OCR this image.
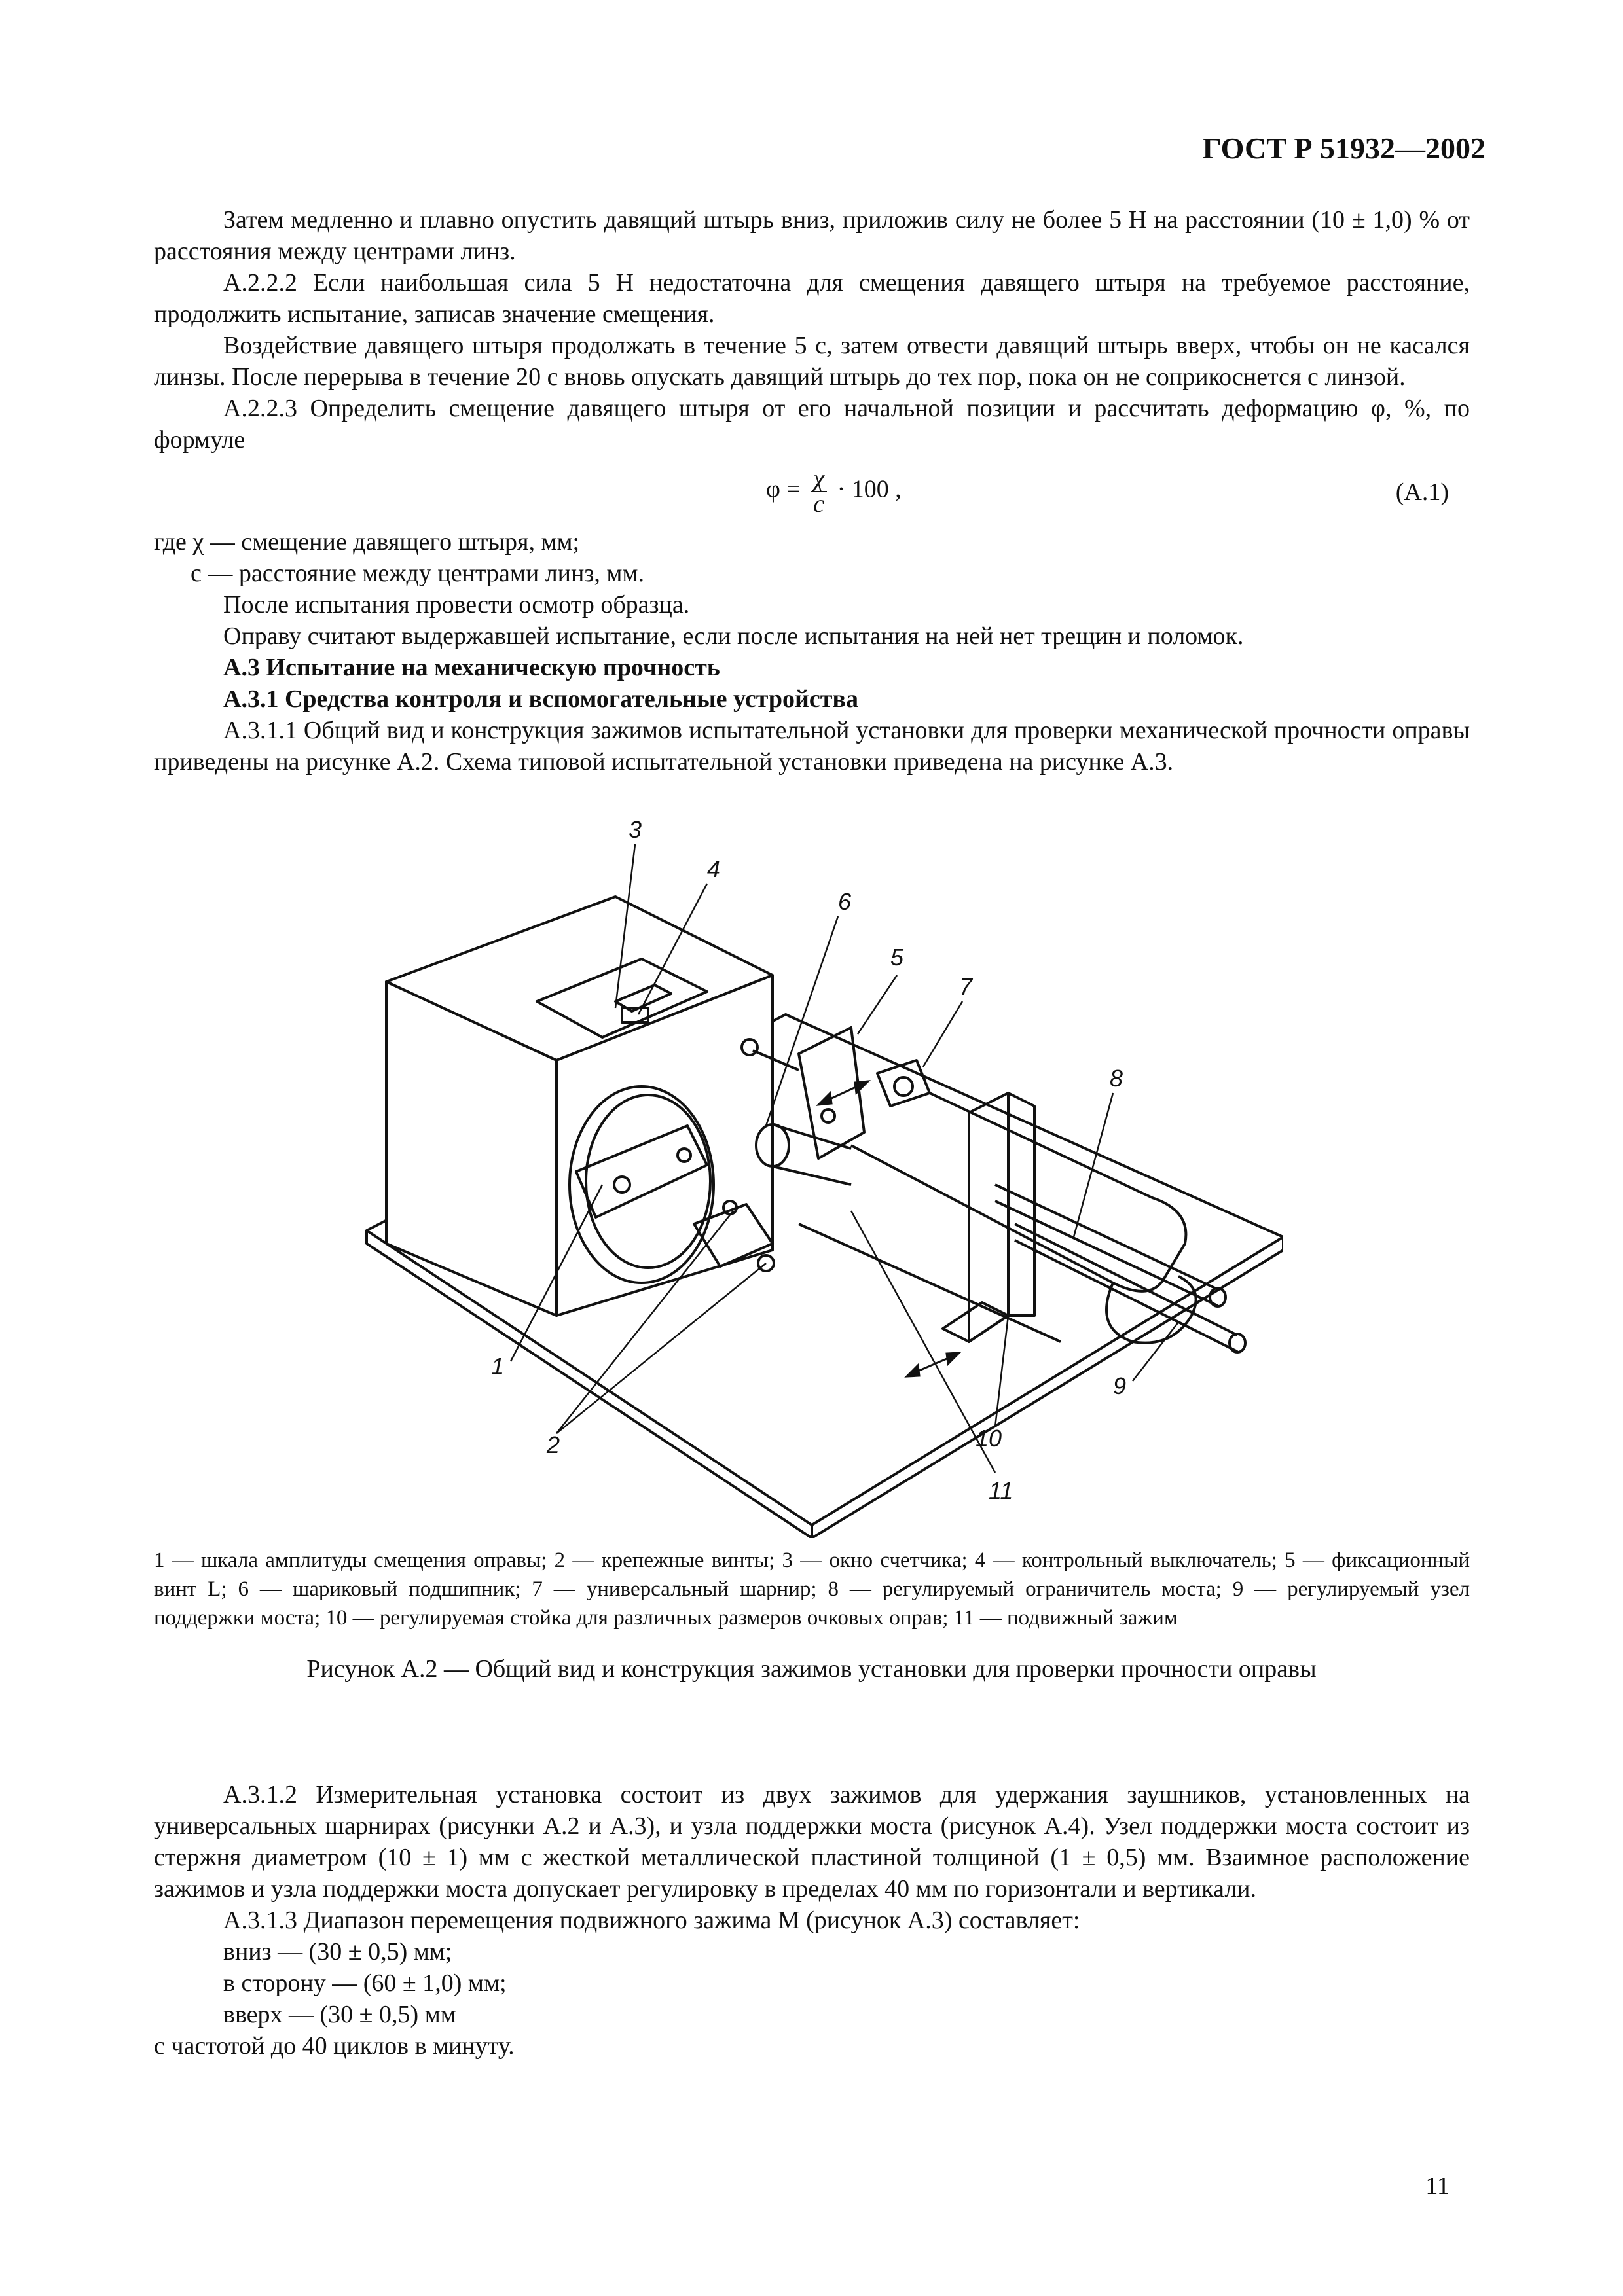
ГОСТ Р 51932—2002

Затем медленно и плавно опустить давящий штырь вниз, приложив силу не более 5 Н на расстоянии (10 ± 1,0) % от расстояния между центрами линз.

А.2.2.2 Если наибольшая сила 5 Н недостаточна для смещения давящего штыря на требуемое расстояние, продолжить испытание, записав значение смещения.

Воздействие давящего штыря продолжать в течение 5 с, затем отвести давящий штырь вверх, чтобы он не касался линзы. После перерыва в течение 20 с вновь опускать давящий штырь до тех пор, пока он не соприкоснется с линзой.

А.2.2.3 Определить смещение давящего штыря от его начальной позиции и рассчитать деформацию φ, %, по формуле

$\varphi = \frac{\chi}{c} \cdot 100$ ,	(А.1)

где χ — смещение давящего штыря, мм;

c — расстояние между центрами линз, мм.

После испытания провести осмотр образца.

Оправу считают выдержавшей испытание, если после испытания на ней нет трещин и поломок.

А.3 Испытание на механическую прочность

А.3.1 Средства контроля и вспомогательные устройства

А.3.1.1 Общий вид и конструкция зажимов испытательной установки для проверки механической прочности оправы приведены на рисунке А.2. Схема типовой испытательной установки приведена на рисунке А.3.

1
2
3
4
5
6
7
8
9
10
11
1 — шкала амплитуды смещения оправы; 2 — крепежные винты; 3 — окно счетчика; 4 — контрольный выключатель; 5 — фиксационный винт L; 6 — шариковый подшипник; 7 — универсальный шарнир; 8 — регулируемый ограничитель моста; 9 — регулируемый узел поддержки моста; 10 — регулируемая стойка для различных размеров очковых оправ; 11 — подвижный зажим
Рисунок А.2 — Общий вид и конструкция зажимов установки для проверки прочности оправы

А.3.1.2 Измерительная установка состоит из двух зажимов для удержания заушников, установленных на универсальных шарнирах (рисунки А.2 и А.3), и узла поддержки моста (рисунок А.4). Узел поддержки моста состоит из стержня диаметром (10 ± 1) мм с жесткой металлической пластиной толщиной (1 ± 0,5) мм. Взаимное расположение зажимов и узла поддержки моста допускает регулировку в пределах 40 мм по горизонтали и вертикали.

А.3.1.3 Диапазон перемещения подвижного зажима M (рисунок А.3) составляет:

вниз — (30 ± 0,5) мм;

в сторону — (60 ± 1,0) мм;

вверх — (30 ± 0,5) мм

с частотой до 40 циклов в минуту.

11
